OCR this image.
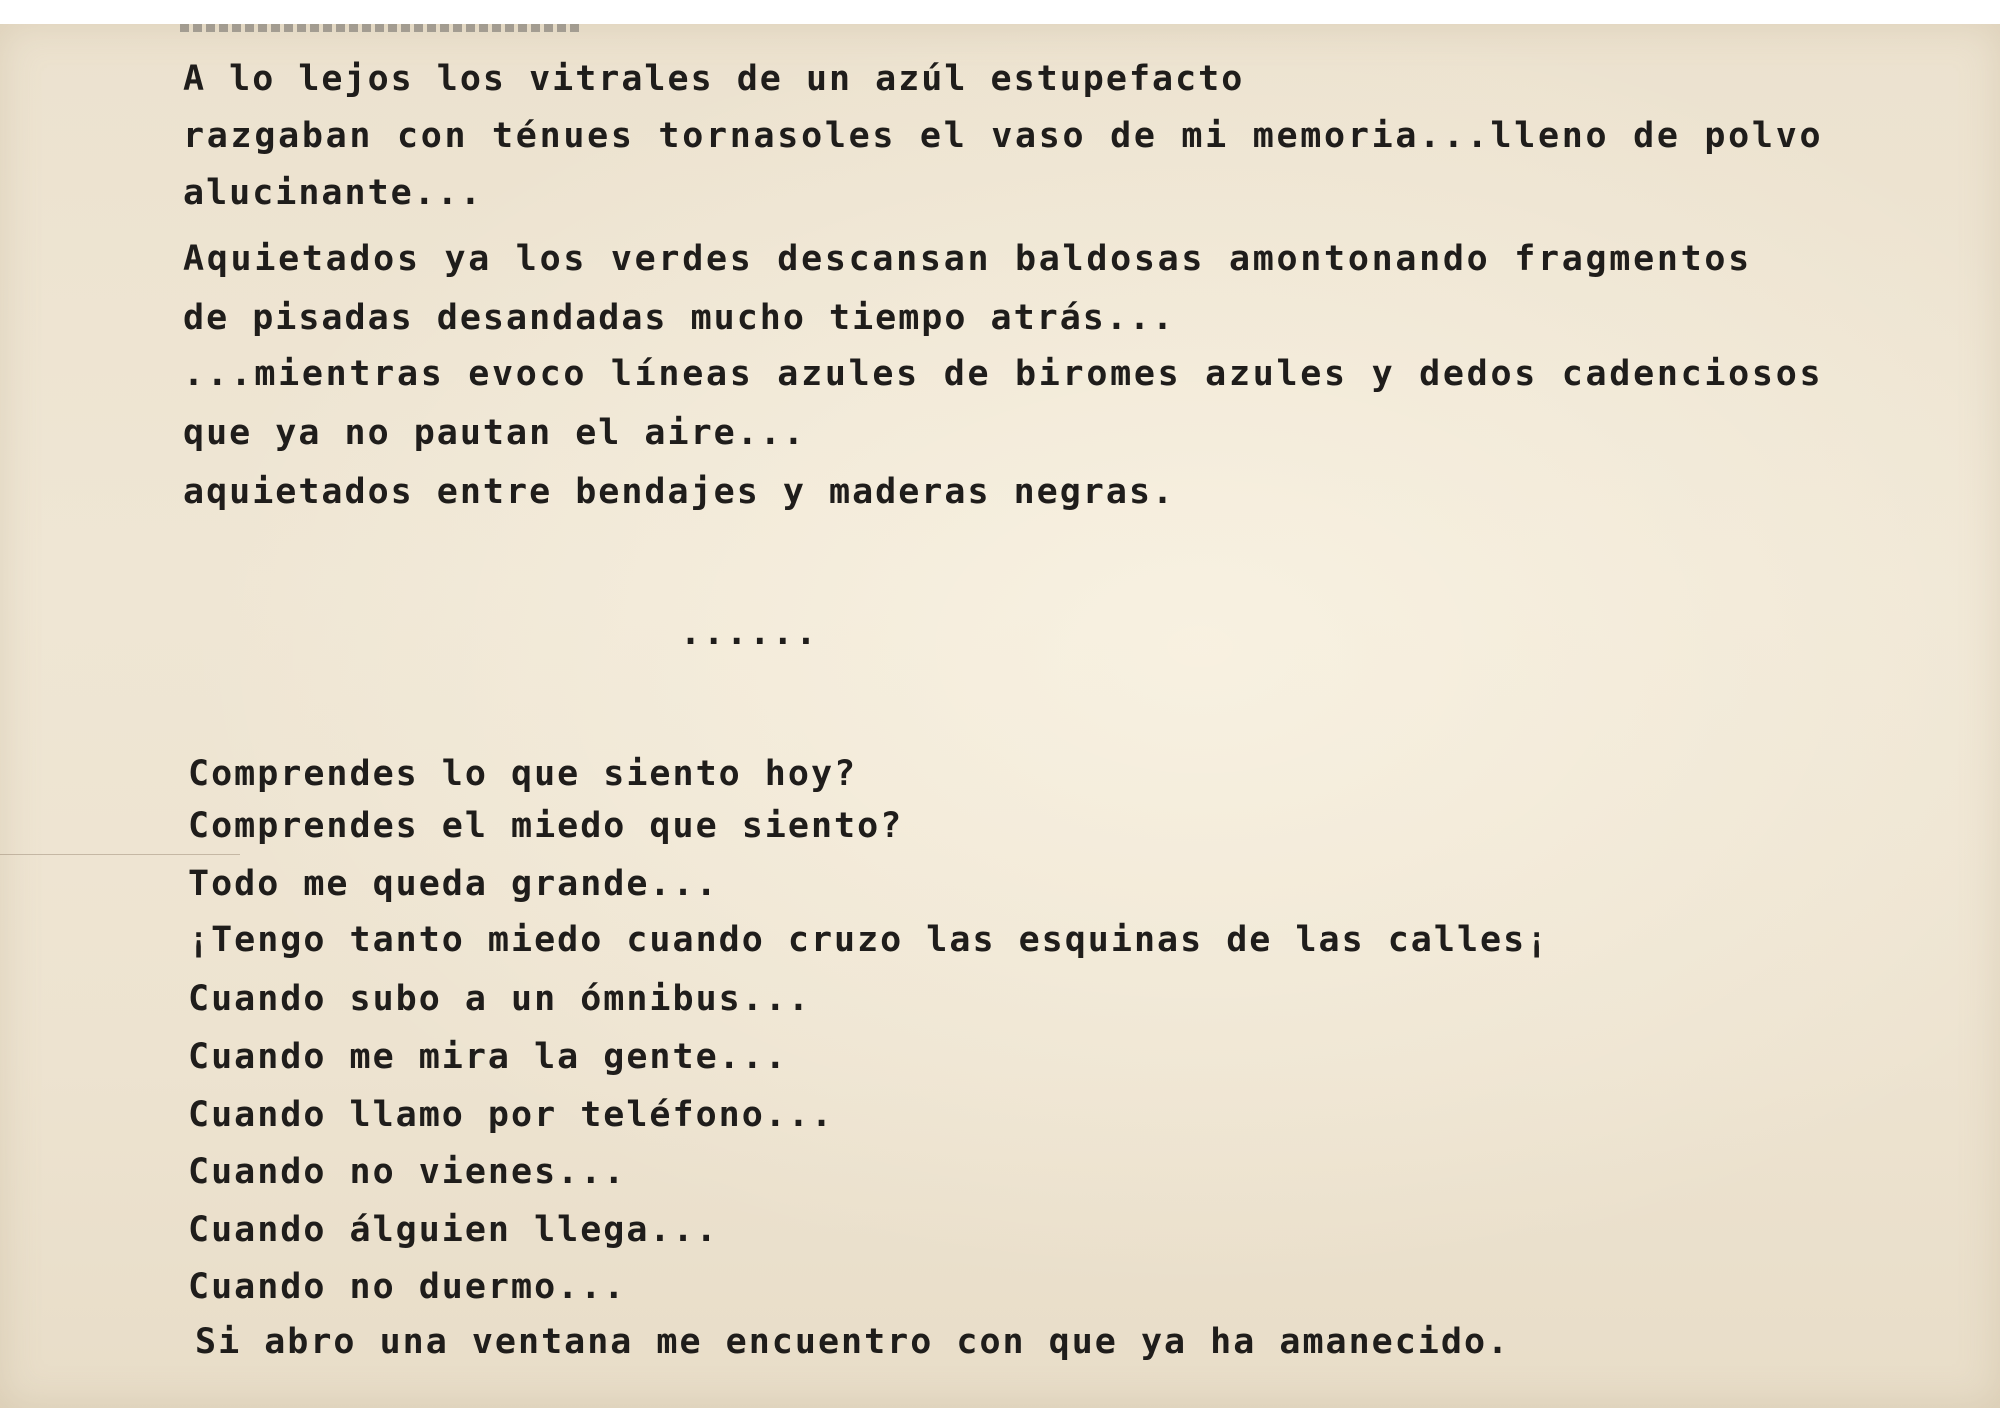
A lo lejos los vitrales de un azúl estupefacto

razgaban con ténues tornasoles el vaso de mi memoria...lleno de polvo

alucinante...

Aquietados ya los verdes descansan baldosas amontonando fragmentos

de pisadas desandadas mucho tiempo atrás...

...mientras evoco líneas azules de biromes azules y dedos cadenciosos

que ya no pautan el aire...

aquietados entre bendajes y maderas negras.

......

Comprendes lo que siento hoy?

Comprendes el miedo que siento?

Todo me queda grande...

¡Tengo tanto miedo cuando cruzo las esquinas de las calles¡

Cuando subo a un ómnibus...

Cuando me mira la gente...

Cuando llamo por teléfono...

Cuando no vienes...

Cuando álguien llega...

Cuando no duermo...

Si abro una ventana me encuentro con que ya ha amanecido.
